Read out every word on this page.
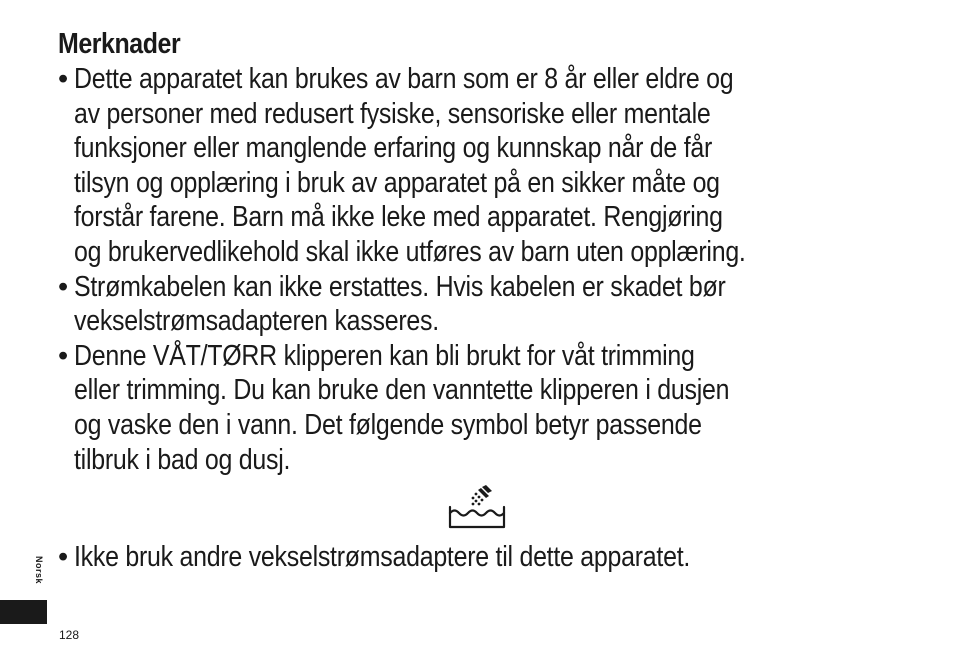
Merknader
• Dette apparatet kan brukes av barn som er 8 år eller eldre og
av personer med redusert fysiske, sensoriske eller mentale
funksjoner eller manglende erfaring og kunnskap når de får
tilsyn og opplæring i bruk av apparatet på en sikker måte og
forstår farene. Barn må ikke leke med apparatet. Rengjøring
og brukervedlikehold skal ikke utføres av barn uten opplæring.
• Strømkabelen kan ikke erstattes. Hvis kabelen er skadet bør
vekselstrømsadapteren kasseres.
• Denne VÅT/TØRR klipperen kan bli brukt for våt trimming
eller trimming. Du kan bruke den vanntette klipperen i dusjen
og vaske den i vann. Det følgende symbol betyr passende
tilbruk i bad og dusj.
• Ikke bruk andre vekselstrømsadaptere til dette apparatet.
Norsk
128
